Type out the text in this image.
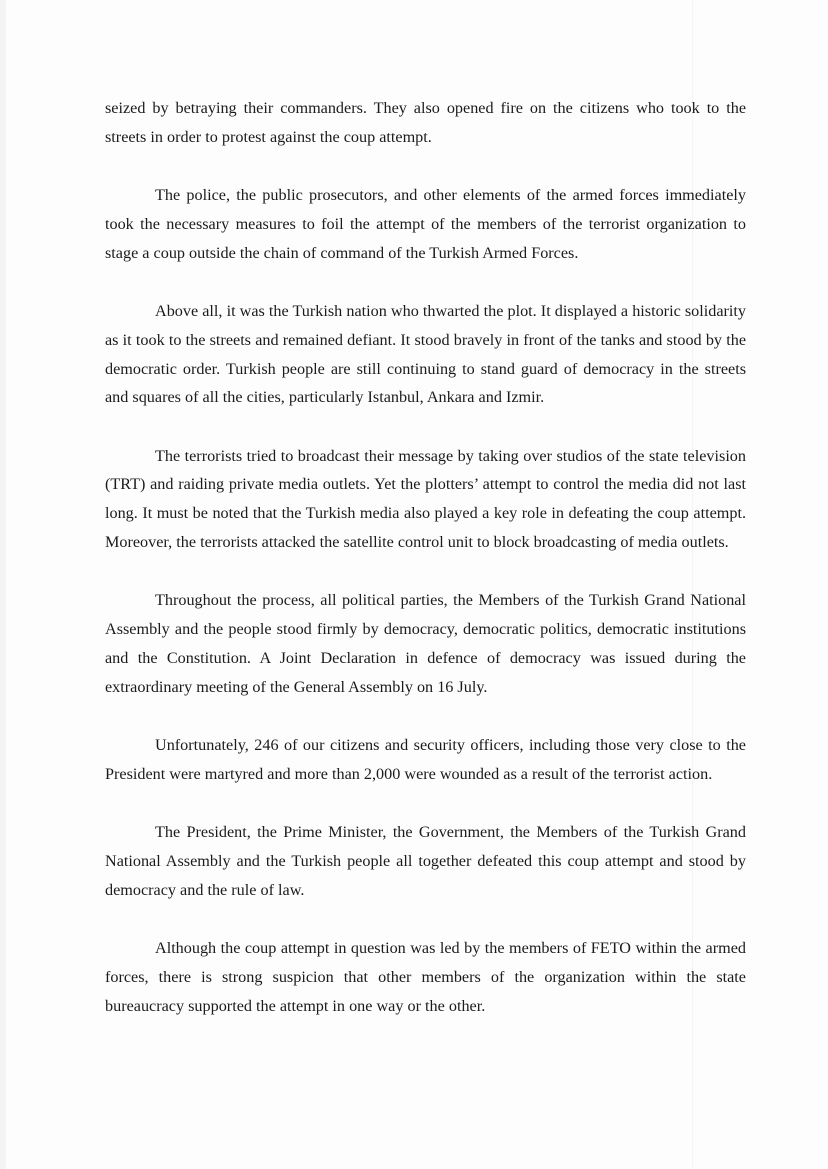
seized by betraying their commanders. They also opened fire on the citizens who took to the streets in order to protest against the coup attempt.

The police, the public prosecutors, and other elements of the armed forces immediately took the necessary measures to foil the attempt of the members of the terrorist organization to stage a coup outside the chain of command of the Turkish Armed Forces.

Above all, it was the Turkish nation who thwarted the plot. It displayed a historic solidarity as it took to the streets and remained defiant. It stood bravely in front of the tanks and stood by the democratic order. Turkish people are still continuing to stand guard of democracy in the streets and squares of all the cities, particularly Istanbul, Ankara and Izmir.

The terrorists tried to broadcast their message by taking over studios of the state television (TRT) and raiding private media outlets. Yet the plotters’ attempt to control the media did not last long. It must be noted that the Turkish media also played a key role in defeating the coup attempt. Moreover, the terrorists attacked the satellite control unit to block broadcasting of media outlets.

Throughout the process, all political parties, the Members of the Turkish Grand National Assembly and the people stood firmly by democracy, democratic politics, democratic institutions and the Constitution. A Joint Declaration in defence of democracy was issued during the extraordinary meeting of the General Assembly on 16 July.

Unfortunately, 246 of our citizens and security officers, including those very close to the President were martyred and more than 2,000 were wounded as a result of the terrorist action.

The President, the Prime Minister, the Government, the Members of the Turkish Grand National Assembly and the Turkish people all together defeated this coup attempt and stood by democracy and the rule of law.

Although the coup attempt in question was led by the members of FETO within the armed forces, there is strong suspicion that other members of the organization within the state bureaucracy supported the attempt in one way or the other.
